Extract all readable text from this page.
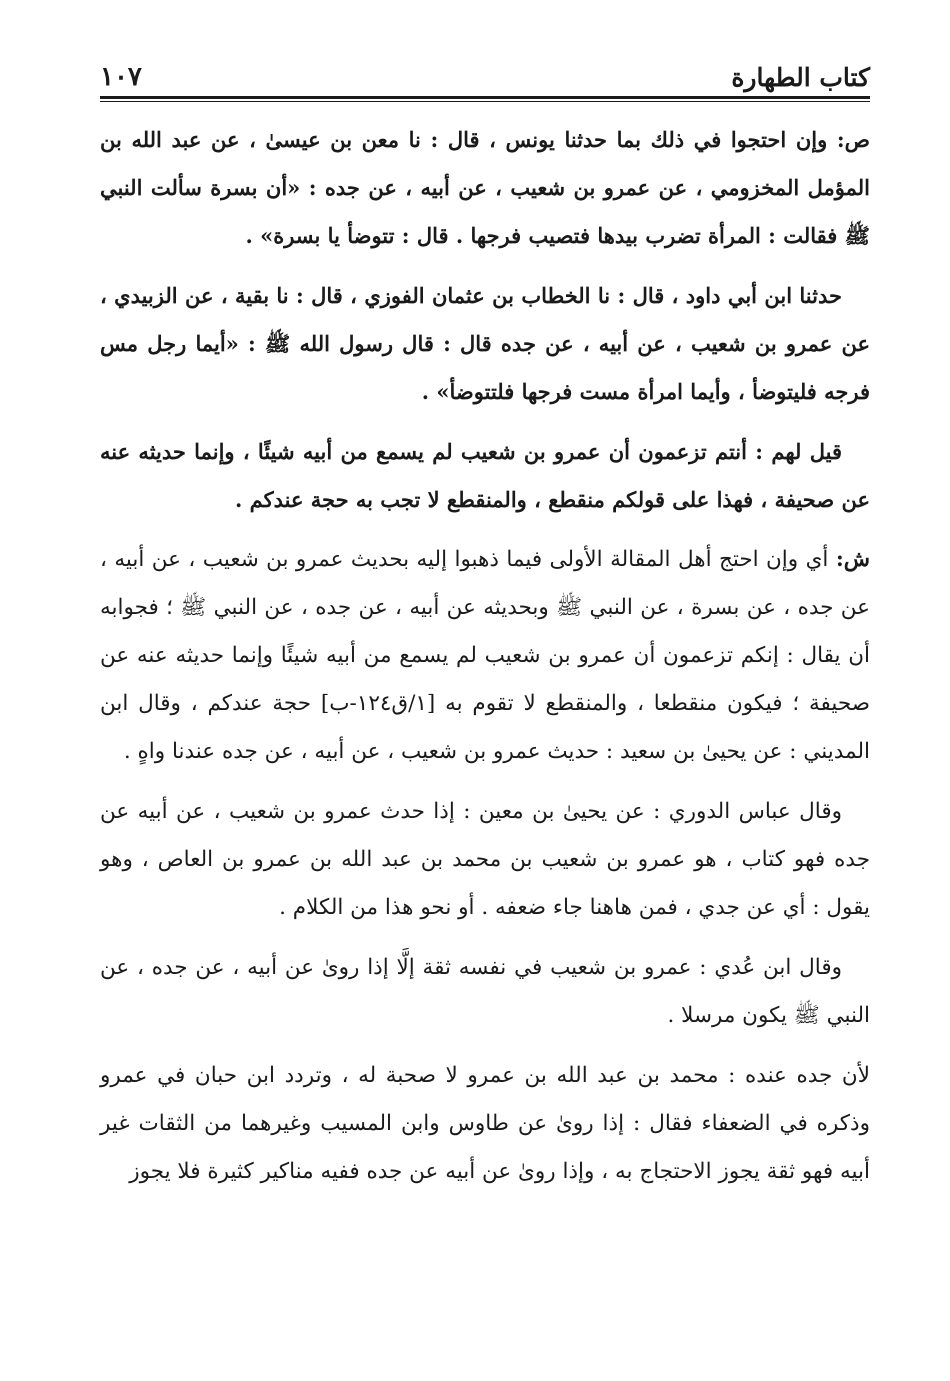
كتاب الطهارة
١٠٧

ص: وإن احتجوا في ذلك بما حدثنا يونس ، قال : نا معن بن عيسىٰ ، عن عبد الله بن المؤمل المخزومي ، عن عمرو بن شعيب ، عن أبيه ، عن جده : «أن بسرة سألت النبي ﷺ فقالت : المرأة تضرب بيدها فتصيب فرجها . قال : تتوضأ يا بسرة» .

حدثنا ابن أبي داود ، قال : نا الخطاب بن عثمان الفوزي ، قال : نا بقية ، عن الزبيدي ، عن عمرو بن شعيب ، عن أبيه ، عن جده قال : قال رسول الله ﷺ : «أيما رجل مس فرجه فليتوضأ ، وأيما امرأة مست فرجها فلتتوضأ» .

قيل لهم : أنتم تزعمون أن عمرو بن شعيب لم يسمع من أبيه شيئًا ، وإنما حديثه عنه عن صحيفة ، فهذا على قولكم منقطع ، والمنقطع لا تجب به حجة عندكم .

ش: أي وإن احتج أهل المقالة الأولى فيما ذهبوا إليه بحديث عمرو بن شعيب ، عن أبيه ، عن جده ، عن بسرة ، عن النبي ﷺ وبحديثه عن أبيه ، عن جده ، عن النبي ﷺ ؛ فجوابه أن يقال : إنكم تزعمون أن عمرو بن شعيب لم يسمع من أبيه شيئًا وإنما حديثه عنه عن صحيفة ؛ فيكون منقطعا ، والمنقطع لا تقوم به [١/ق١٢٤-ب] حجة عندكم ، وقال ابن المديني : عن يحيىٰ بن سعيد : حديث عمرو بن شعيب ، عن أبيه ، عن جده عندنا واهٍ .

وقال عباس الدوري : عن يحيىٰ بن معين : إذا حدث عمرو بن شعيب ، عن أبيه عن جده فهو كتاب ، هو عمرو بن شعيب بن محمد بن عبد الله بن عمرو بن العاص ، وهو يقول : أي عن جدي ، فمن هاهنا جاء ضعفه . أو نحو هذا من الكلام .

وقال ابن عُدي : عمرو بن شعيب في نفسه ثقة إلَّا إذا روىٰ عن أبيه ، عن جده ، عن النبي ﷺ يكون مرسلا .

لأن جده عنده : محمد بن عبد الله بن عمرو لا صحبة له ، وتردد ابن حبان في عمرو وذكره في الضعفاء فقال : إذا روىٰ عن طاوس وابن المسيب وغيرهما من الثقات غير أبيه فهو ثقة يجوز الاحتجاج به ، وإذا روىٰ عن أبيه عن جده ففيه مناكير كثيرة فلا يجوز
